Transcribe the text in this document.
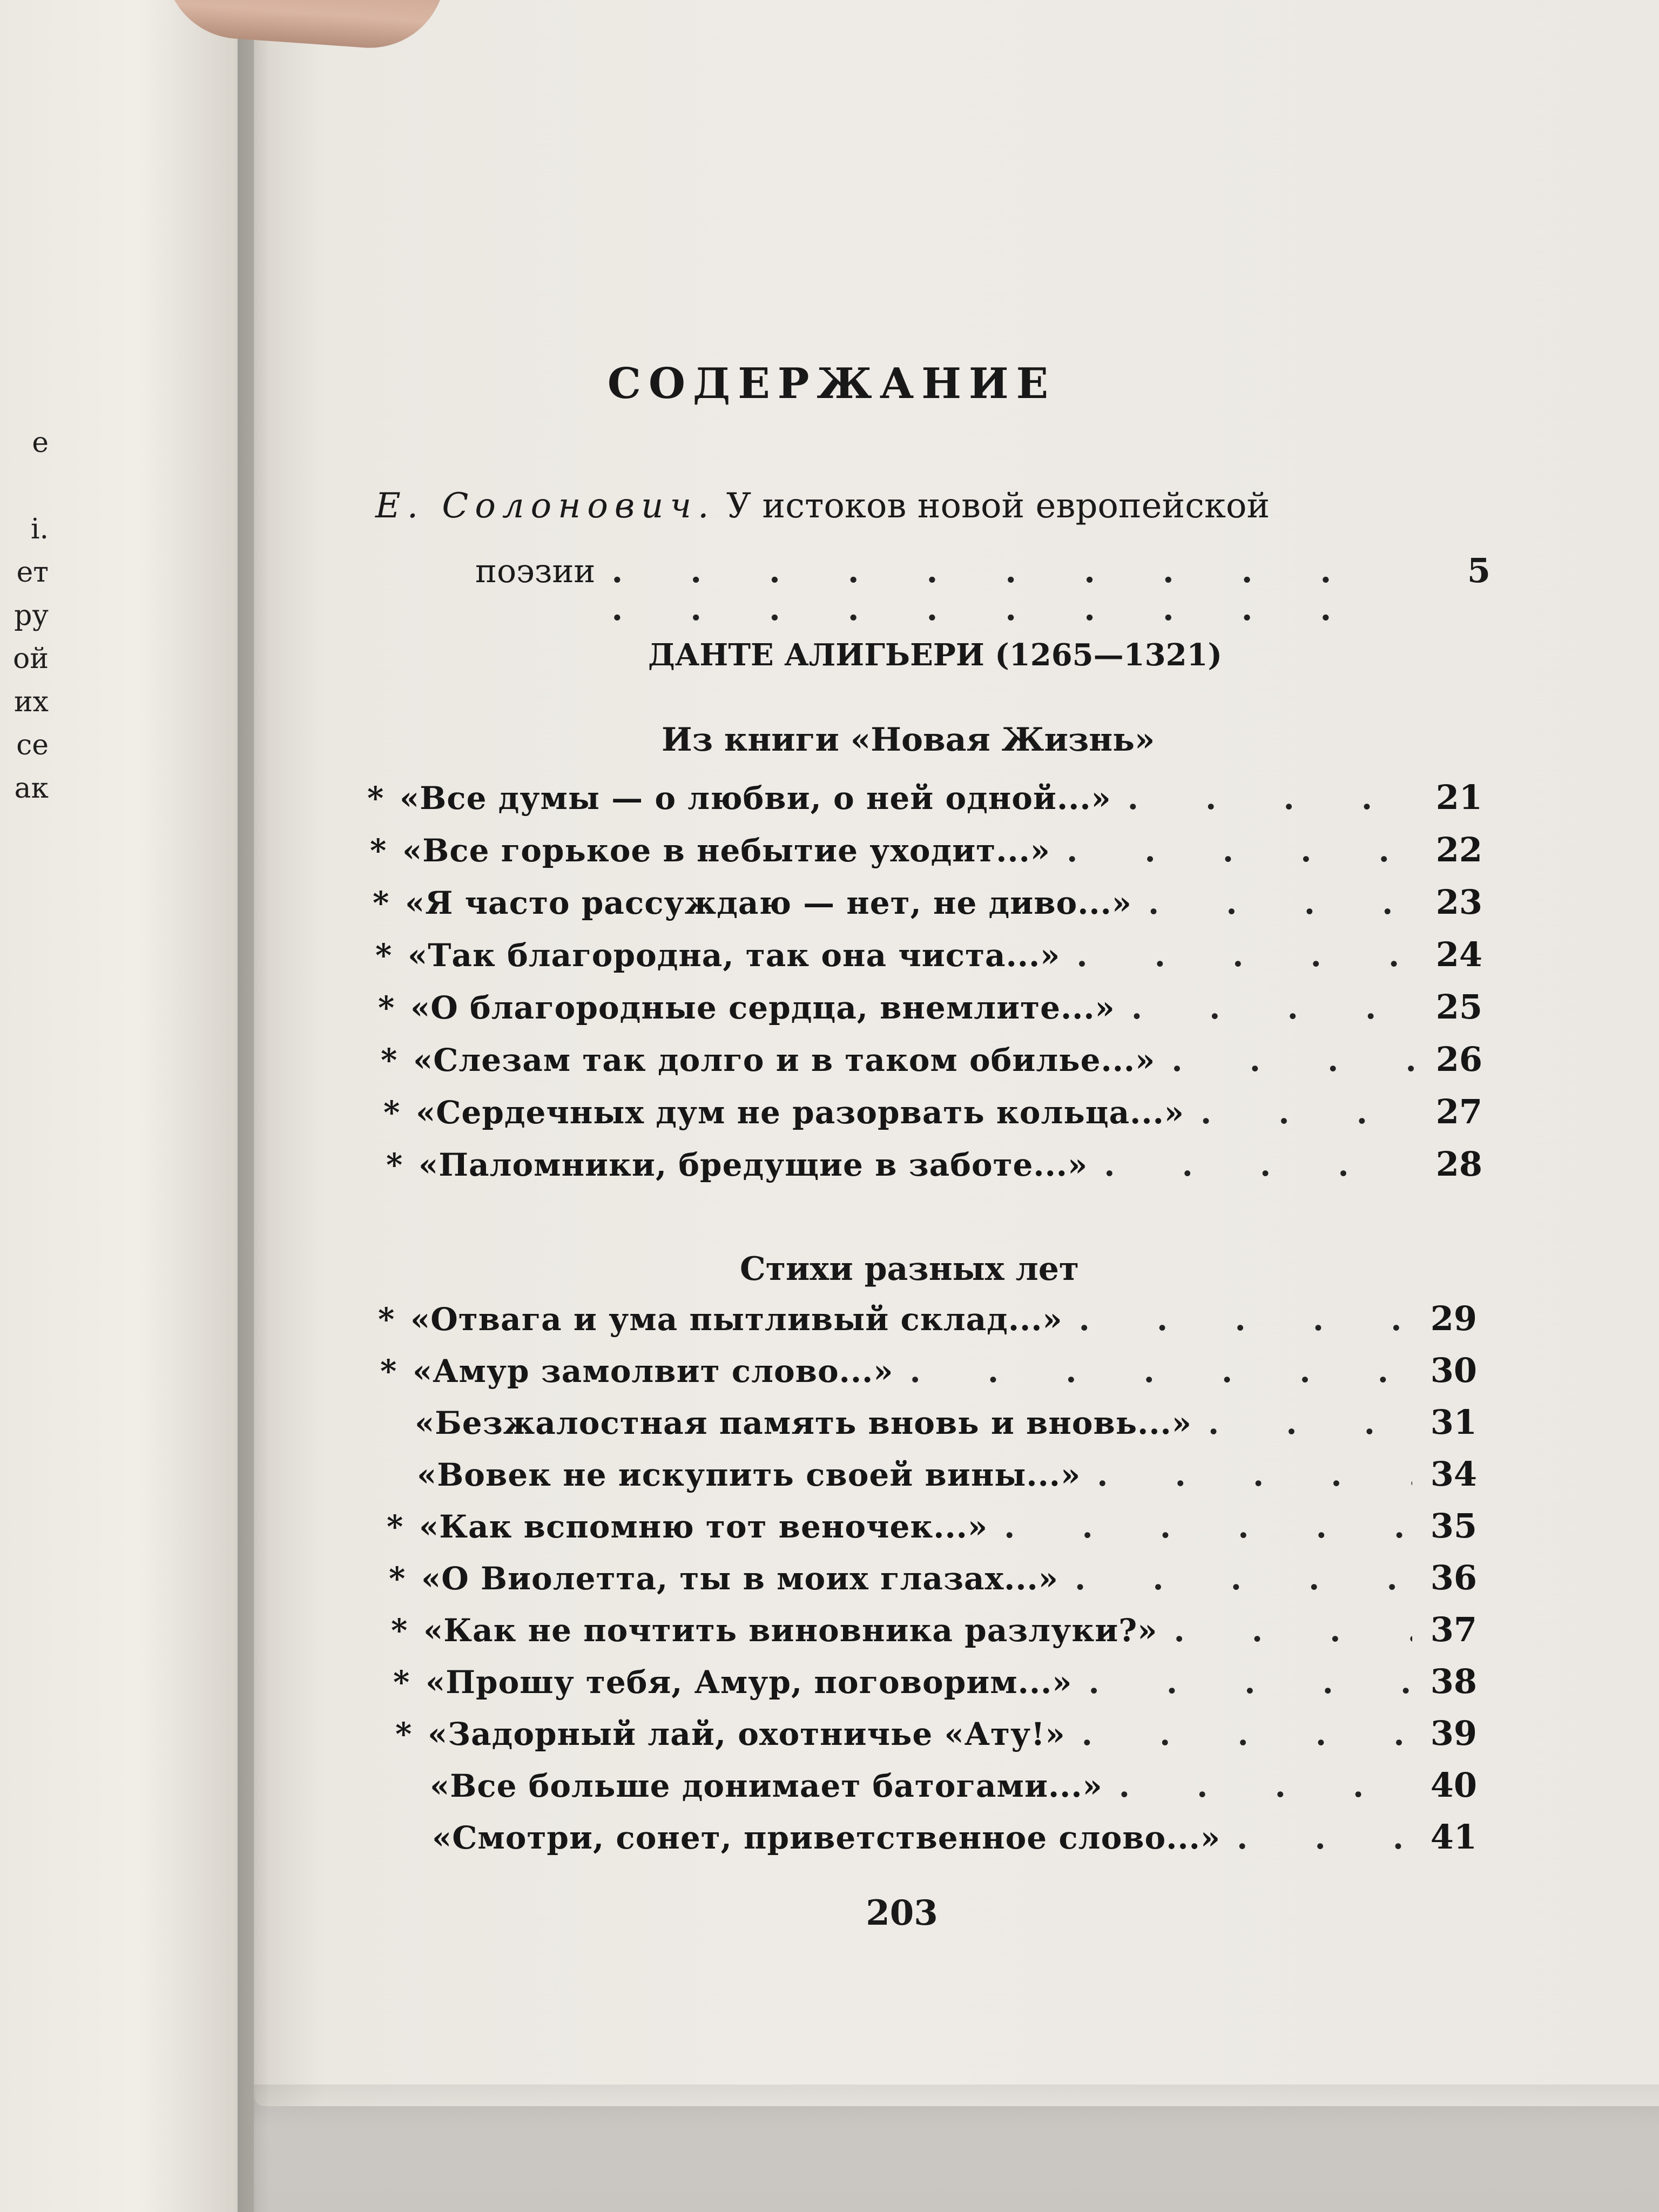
е

і.
ет
ру
ой
их
се
ак
СОДЕРЖАНИЕ
Е. Солонович. У истоков новой европейской
поэзии . . .	5
ДАНТЕ АЛИГЬЕРИ (1265—1321)
Из книги «Новая Жизнь»
* «Все думы — о любви, о ней одной...» . . .	21
* «Все горькое в небытие уходит...» . . .	22
* «Я часто рассуждаю — нет, не диво...» . . .	23
* «Так благородна, так она чиста...» . . .	24
* «О благородные сердца, внемлите...» . . .	25
* «Слезам так долго и в таком обилье...» . . .	26
* «Сердечных дум не разорвать кольца...» . . .	27
* «Паломники, бредущие в заботе...» . . .	28
Стихи разных лет
* «Отвага и ума пытливый склад...» . . .	29
* «Амур замолвит слово...» . . .	30
«Безжалостная память вновь и вновь...» . . .	31
«Вовек не искупить своей вины...» . . .	34
* «Как вспомню тот веночек...» . . .	35
* «О Виолетта, ты в моих глазах...» . . .	36
* «Как не почтить виновника разлуки?» . . .	37
* «Прошу тебя, Амур, поговорим...» . . .	38
* «Задорный лай, охотничье «Ату!» . . .	39
«Все больше донимает батогами...» . . .	40
«Смотри, сонет, приветственное слово...» . . .	41
203
